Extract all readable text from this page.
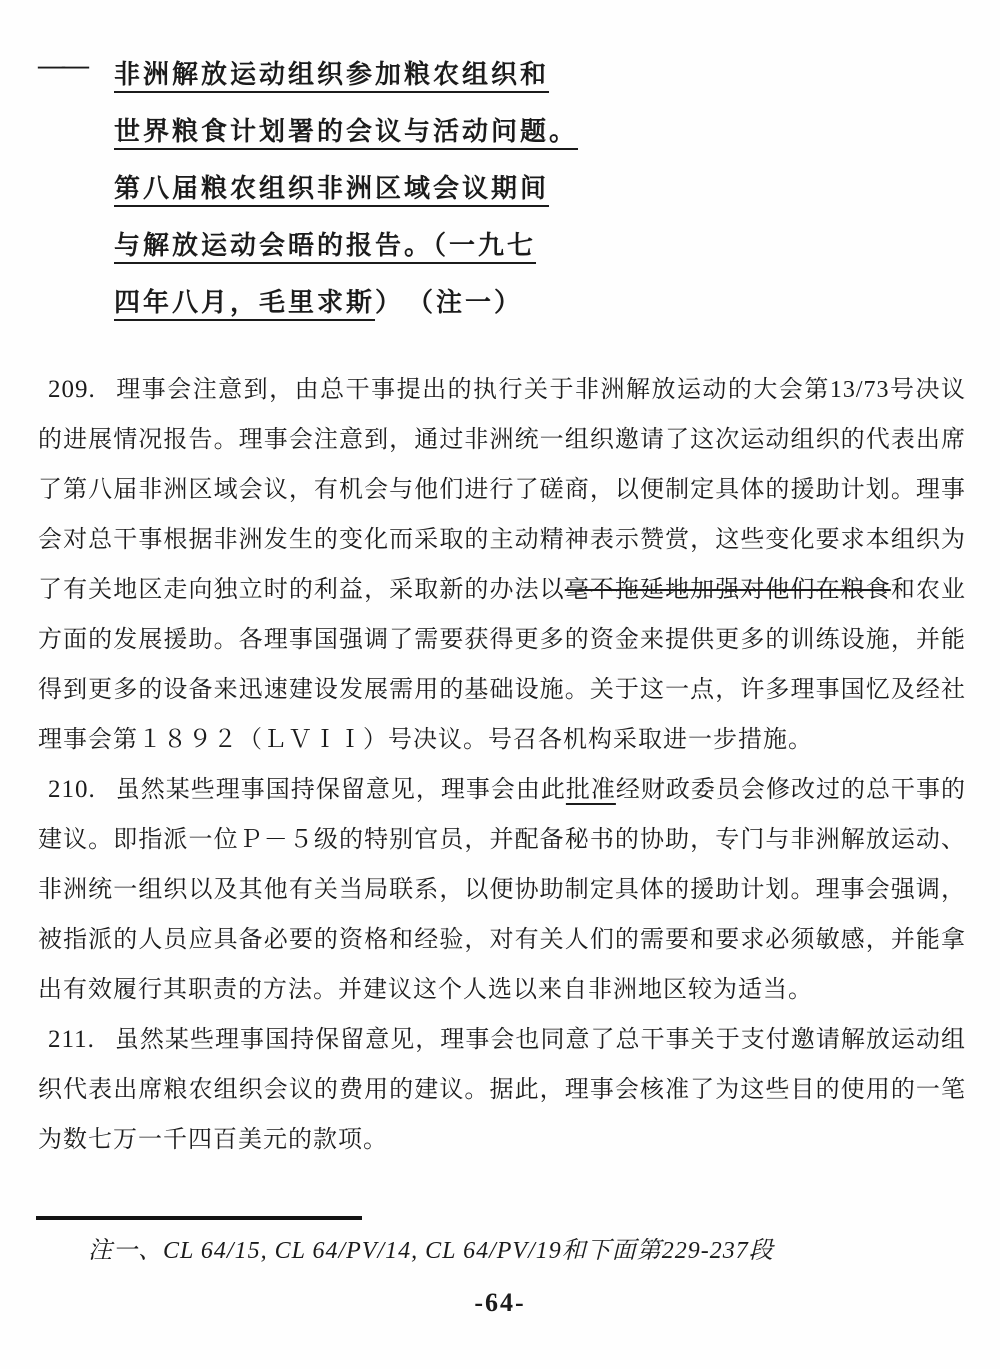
——	非洲解放运动组织参加粮农组织和
世界粮食计划署的会议与活动问题。
第八届粮农组织非洲区域会议期间
与解放运动会晤的报告。（一九七
四年八月，毛里求斯）　（注一）

209. 理事会注意到，由总干事提出的执行关于非洲解放运动的大会第13/73号决议的进展情况报告。理事会注意到，通过非洲统一组织邀请了这次运动组织的代表出席了第八届非洲区域会议，有机会与他们进行了磋商，以便制定具体的援助计划。理事会对总干事根据非洲发生的变化而采取的主动精神表示赞赏，这些变化要求本组织为了有关地区走向独立时的利益，采取新的办法以毫不拖延地加强对他们在粮食和农业方面的发展援助。各理事国强调了需要获得更多的资金来提供更多的训练设施，并能得到更多的设备来迅速建设发展需用的基础设施。关于这一点，许多理事国忆及经社理事会第１８９２（ＬＶＩＩ）号决议。号召各机构采取进一步措施。

210. 虽然某些理事国持保留意见，理事会由此批准经财政委员会修改过的总干事的建议。即指派一位Ｐ－５级的特别官员，并配备秘书的协助，专门与非洲解放运动、非洲统一组织以及其他有关当局联系，以便协助制定具体的援助计划。理事会强调，被指派的人员应具备必要的资格和经验，对有关人们的需要和要求必须敏感，并能拿出有效履行其职责的方法。并建议这个人选以来自非洲地区较为适当。

211. 虽然某些理事国持保留意见，理事会也同意了总干事关于支付邀请解放运动组织代表出席粮农组织会议的费用的建议。据此，理事会核准了为这些目的使用的一笔为数七万一千四百美元的款项。

注一、CL 64/15, CL 64/PV/14, CL 64/PV/19和下面第229-237段
-64-
